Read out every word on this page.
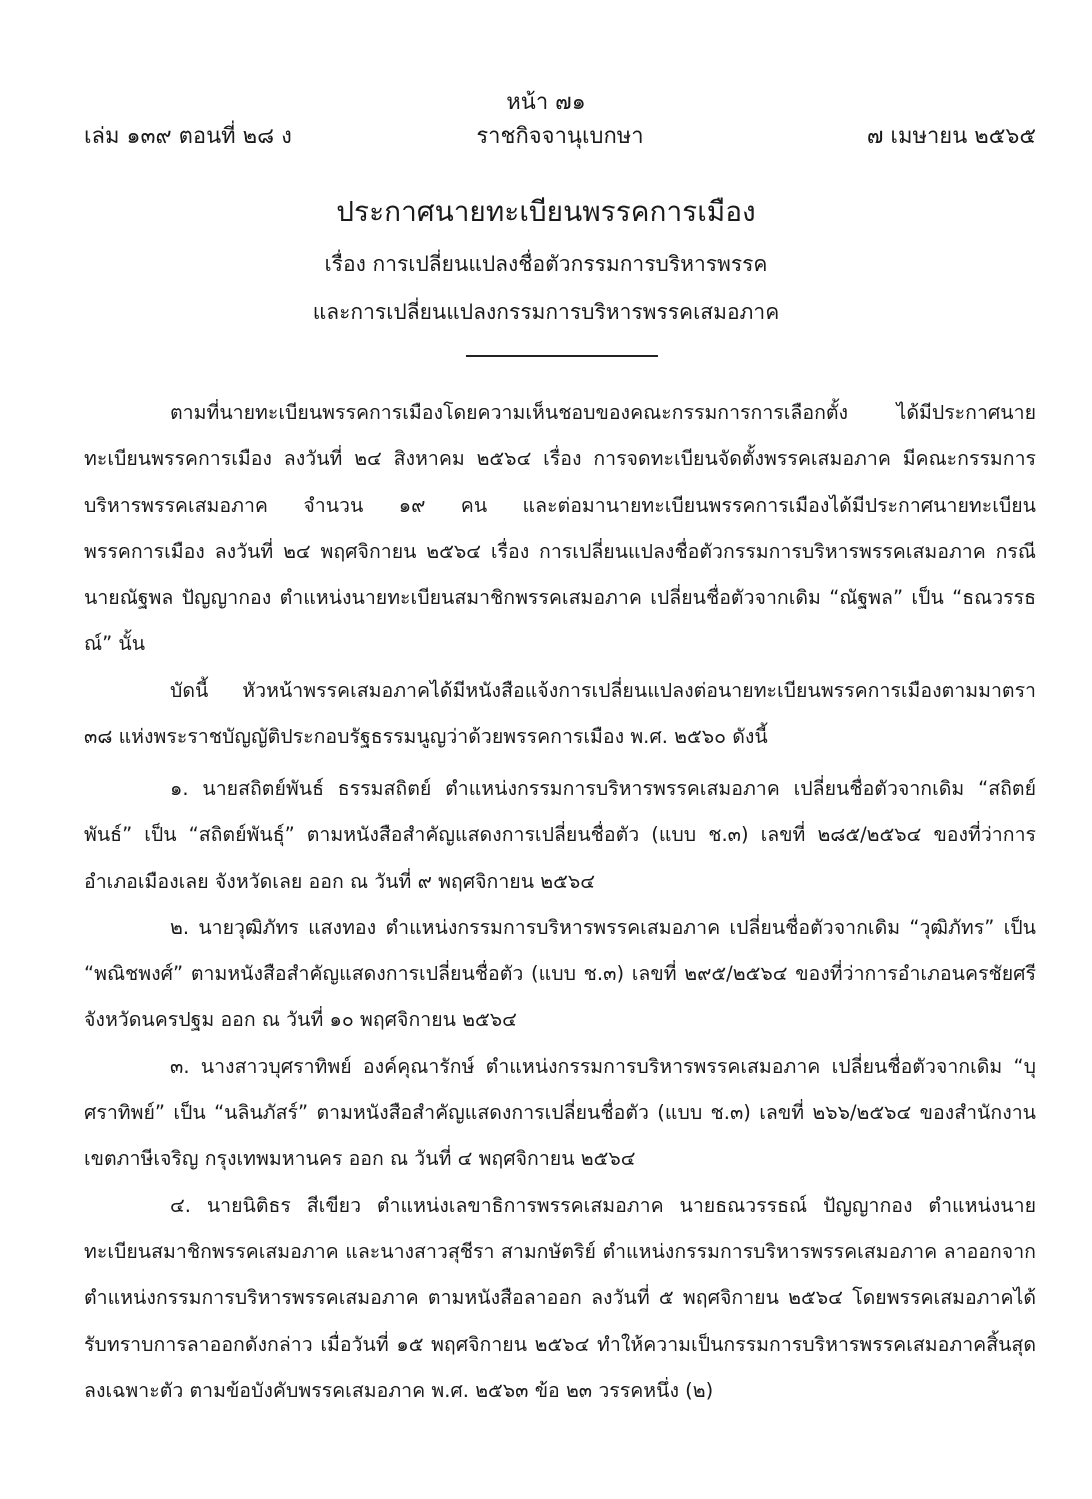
หน้า ๗๑
เล่ม ๑๓๙ ตอนที่ ๒๘ ง	ราชกิจจานุเบกษา	๗ เมษายน ๒๕๖๕
ประกาศนายทะเบียนพรรคการเมือง
เรื่อง การเปลี่ยนแปลงชื่อตัวกรรมการบริหารพรรค
และการเปลี่ยนแปลงกรรมการบริหารพรรคเสมอภาค

ตามที่นายทะเบียนพรรคการเมืองโดยความเห็นชอบของคณะกรรมการการเลือกตั้ง ได้มีประกาศนายทะเบียนพรรคการเมือง ลงวันที่ ๒๔ สิงหาคม ๒๕๖๔ เรื่อง การจดทะเบียนจัดตั้งพรรคเสมอภาค มีคณะกรรมการบริหารพรรคเสมอภาค จำนวน ๑๙ คน และต่อมานายทะเบียนพรรคการเมืองได้มีประกาศนายทะเบียนพรรคการเมือง ลงวันที่ ๒๔ พฤศจิกายน ๒๕๖๔ เรื่อง การเปลี่ยนแปลงชื่อตัวกรรมการบริหารพรรคเสมอภาค กรณี นายณัฐพล ปัญญากอง ตำแหน่งนายทะเบียนสมาชิกพรรคเสมอภาค เปลี่ยนชื่อตัวจากเดิม “ณัฐพล” เป็น “ธณวรรธณ์” นั้น

บัดนี้ หัวหน้าพรรคเสมอภาคได้มีหนังสือแจ้งการเปลี่ยนแปลงต่อนายทะเบียนพรรคการเมืองตามมาตรา ๓๘ แห่งพระราชบัญญัติประกอบรัฐธรรมนูญว่าด้วยพรรคการเมือง พ.ศ. ๒๕๖๐ ดังนี้

๑. นายสถิตย์พันธ์ ธรรมสถิตย์ ตำแหน่งกรรมการบริหารพรรคเสมอภาค เปลี่ยนชื่อตัวจากเดิม “สถิตย์พันธ์” เป็น “สถิตย์พันธุ์” ตามหนังสือสำคัญแสดงการเปลี่ยนชื่อตัว (แบบ ช.๓) เลขที่ ๒๘๕/๒๕๖๔ ของที่ว่าการอำเภอเมืองเลย จังหวัดเลย ออก ณ วันที่ ๙ พฤศจิกายน ๒๕๖๔

๒. นายวุฒิภัทร แสงทอง ตำแหน่งกรรมการบริหารพรรคเสมอภาค เปลี่ยนชื่อตัวจากเดิม “วุฒิภัทร” เป็น “พณิชพงศ์” ตามหนังสือสำคัญแสดงการเปลี่ยนชื่อตัว (แบบ ช.๓) เลขที่ ๒๙๕/๒๕๖๔ ของที่ว่าการอำเภอนครชัยศรี จังหวัดนครปฐม ออก ณ วันที่ ๑๐ พฤศจิกายน ๒๕๖๔

๓. นางสาวบุศราทิพย์ องค์คุณารักษ์ ตำแหน่งกรรมการบริหารพรรคเสมอภาค เปลี่ยนชื่อตัวจากเดิม “บุศราทิพย์” เป็น “นลินภัสร์” ตามหนังสือสำคัญแสดงการเปลี่ยนชื่อตัว (แบบ ช.๓) เลขที่ ๒๖๖/๒๕๖๔ ของสำนักงานเขตภาษีเจริญ กรุงเทพมหานคร ออก ณ วันที่ ๔ พฤศจิกายน ๒๕๖๔

๔. นายนิติธร สีเขียว ตำแหน่งเลขาธิการพรรคเสมอภาค นายธณวรรธณ์ ปัญญากอง ตำแหน่งนายทะเบียนสมาชิกพรรคเสมอภาค และนางสาวสุชีรา สามกษัตริย์ ตำแหน่งกรรมการบริหารพรรคเสมอภาค ลาออกจากตำแหน่งกรรมการบริหารพรรคเสมอภาค ตามหนังสือลาออก ลงวันที่ ๕ พฤศจิกายน ๒๕๖๔ โดยพรรคเสมอภาคได้รับทราบการลาออกดังกล่าว เมื่อวันที่ ๑๕ พฤศจิกายน ๒๕๖๔ ทำให้ความเป็นกรรมการบริหารพรรคเสมอภาคสิ้นสุดลงเฉพาะตัว ตามข้อบังคับพรรคเสมอภาค พ.ศ. ๒๕๖๓ ข้อ ๒๓ วรรคหนึ่ง (๒)
